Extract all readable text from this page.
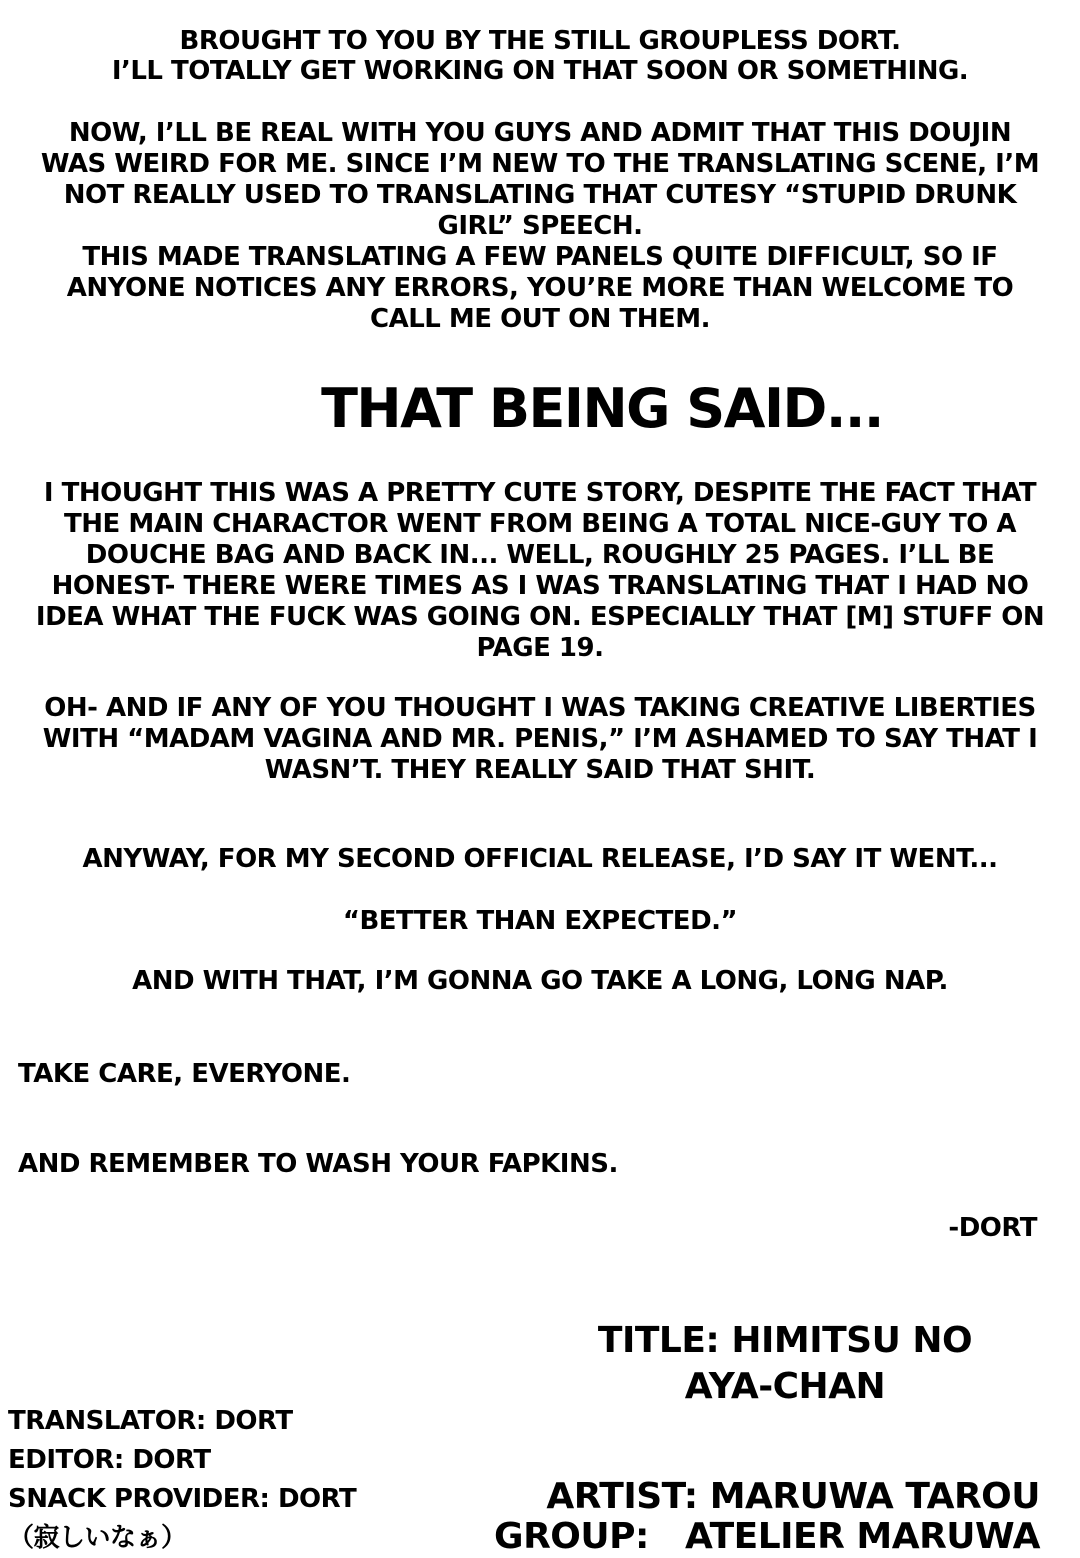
BROUGHT TO YOU BY THE STILL GROUPLESS DORT.
I’LL TOTALLY GET WORKING ON THAT SOON OR SOMETHING.
NOW, I’LL BE REAL WITH YOU GUYS AND ADMIT THAT THIS DOUJIN
WAS WEIRD FOR ME. SINCE I’M NEW TO THE TRANSLATING SCENE, I’M
NOT REALLY USED TO TRANSLATING THAT CUTESY “STUPID DRUNK
GIRL” SPEECH.
THIS MADE TRANSLATING A FEW PANELS QUITE DIFFICULT, SO IF
ANYONE NOTICES ANY ERRORS, YOU’RE MORE THAN WELCOME TO
CALL ME OUT ON THEM.
THAT BEING SAID...
I THOUGHT THIS WAS A PRETTY CUTE STORY, DESPITE THE FACT THAT
THE MAIN CHARACTOR WENT FROM BEING A TOTAL NICE-GUY TO A
DOUCHE BAG AND BACK IN... WELL, ROUGHLY 25 PAGES. I’LL BE
HONEST- THERE WERE TIMES AS I WAS TRANSLATING THAT I HAD NO
IDEA WHAT THE FUCK WAS GOING ON. ESPECIALLY THAT [M] STUFF ON
PAGE 19.
OH- AND IF ANY OF YOU THOUGHT I WAS TAKING CREATIVE LIBERTIES
WITH “MADAM VAGINA AND MR. PENIS,” I’M ASHAMED TO SAY THAT I
WASN’T. THEY REALLY SAID THAT SHIT.
ANYWAY, FOR MY SECOND OFFICIAL RELEASE, I’D SAY IT WENT...
“BETTER THAN EXPECTED.”
AND WITH THAT, I’M GONNA GO TAKE A LONG, LONG NAP.
TAKE CARE, EVERYONE.
AND REMEMBER TO WASH YOUR FAPKINS.
-DORT
TITLE: HIMITSU NO
AYA-CHAN
TRANSLATOR: DORT
EDITOR: DORT
SNACK PROVIDER: DORT
（寂しいなぁ）
ARTIST: MARUWA TAROU
GROUP:   ATELIER MARUWA
